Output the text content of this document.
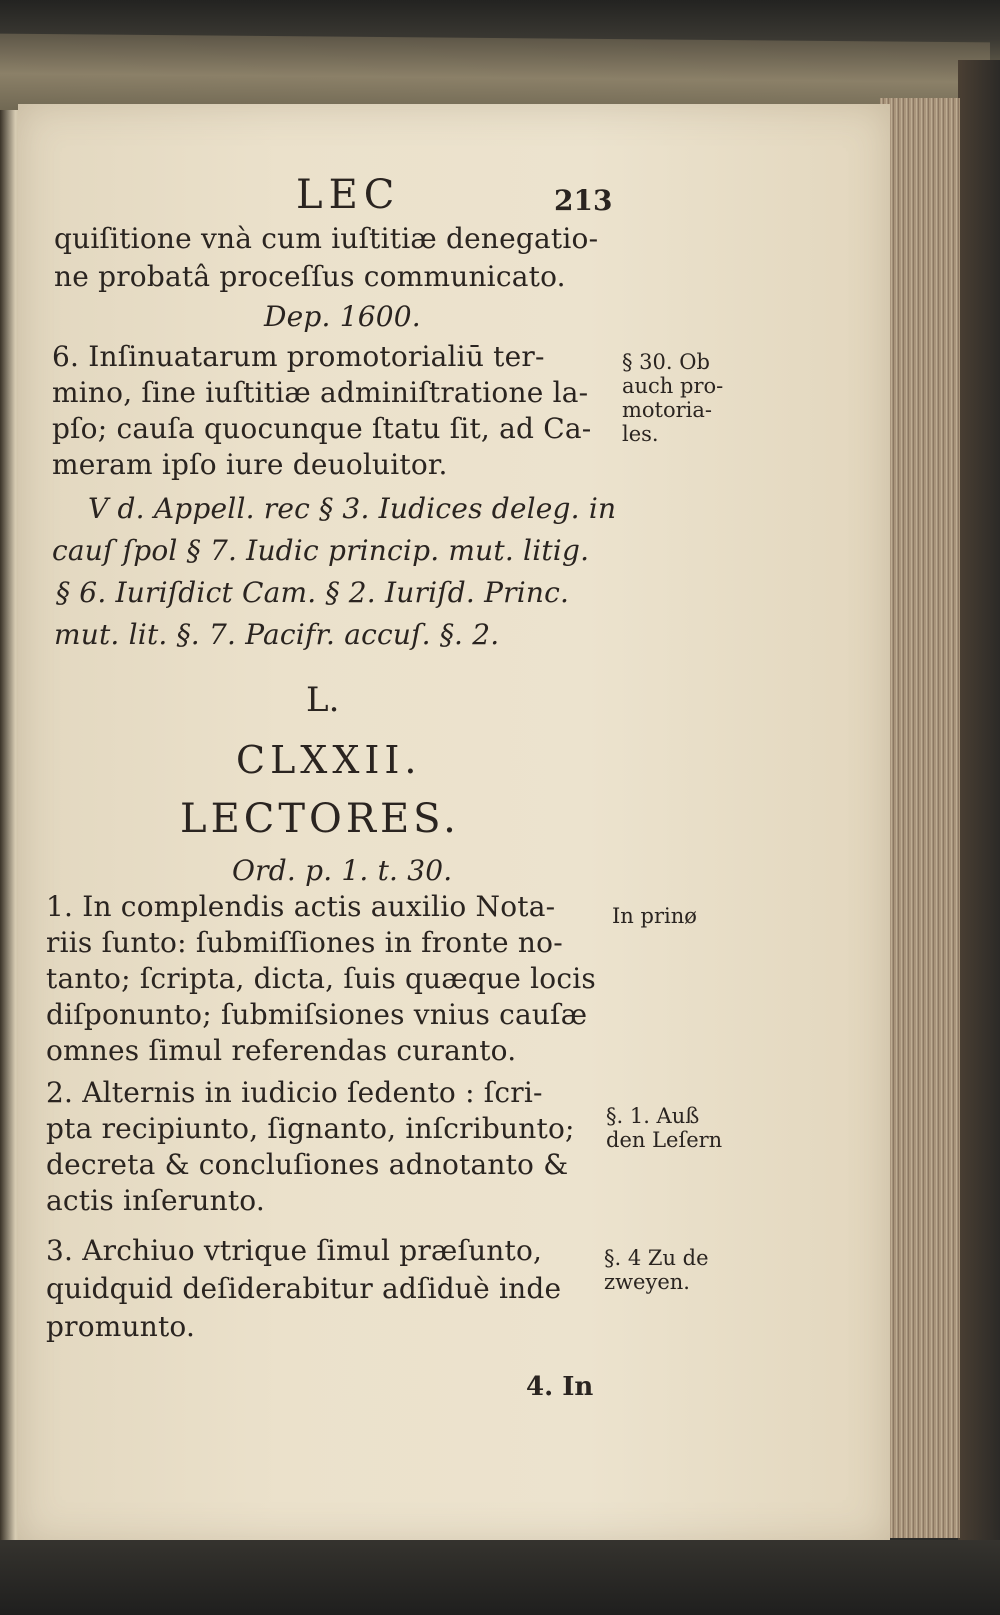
LEC	213
quiſitione vnà cum iuſtitiæ denegatio-
ne probatâ proceſſus communicato.
Dep. 1600.
6. Inſinuatarum promotorialiū ter-
mino, ſine iuſtitiæ adminiſtratione la-
pſo; cauſa quocunque ſtatu ſit, ad Ca-
meram ipſo iure deuoluitor.
V d. Appell. rec § 3. Iudices deleg. in
cauſ ſpol § 7. Iudic princip. mut. litig.
§ 6. Iuriſdict Cam. § 2. Iuriſd. Princ.
mut. lit. §. 7. Pacifr. accuſ. §. 2.
L.
CLXXII.
LECTORES.
Ord. p. 1. t. 30.
1. In complendis actis auxilio Nota-
riis ſunto: ſubmiſſiones in fronte no-
tanto; ſcripta, dicta, ſuis quæque locis
diſponunto; ſubmiſsiones vnius cauſæ
omnes ſimul referendas curanto.
2. Alternis in iudicio ſedento : ſcri-
pta recipiunto, ſignanto, inſcribunto;
decreta & concluſiones adnotanto &
actis inſerunto.
3. Archiuo vtrique ſimul præſunto,
quidquid deſiderabitur adſiduè inde
promunto.
§ 30. Ob
auch pro-
motoria-
les.
In prinø
§. 1. Auß
den Leſern
§. 4 Zu de
zweyen.
4. In
